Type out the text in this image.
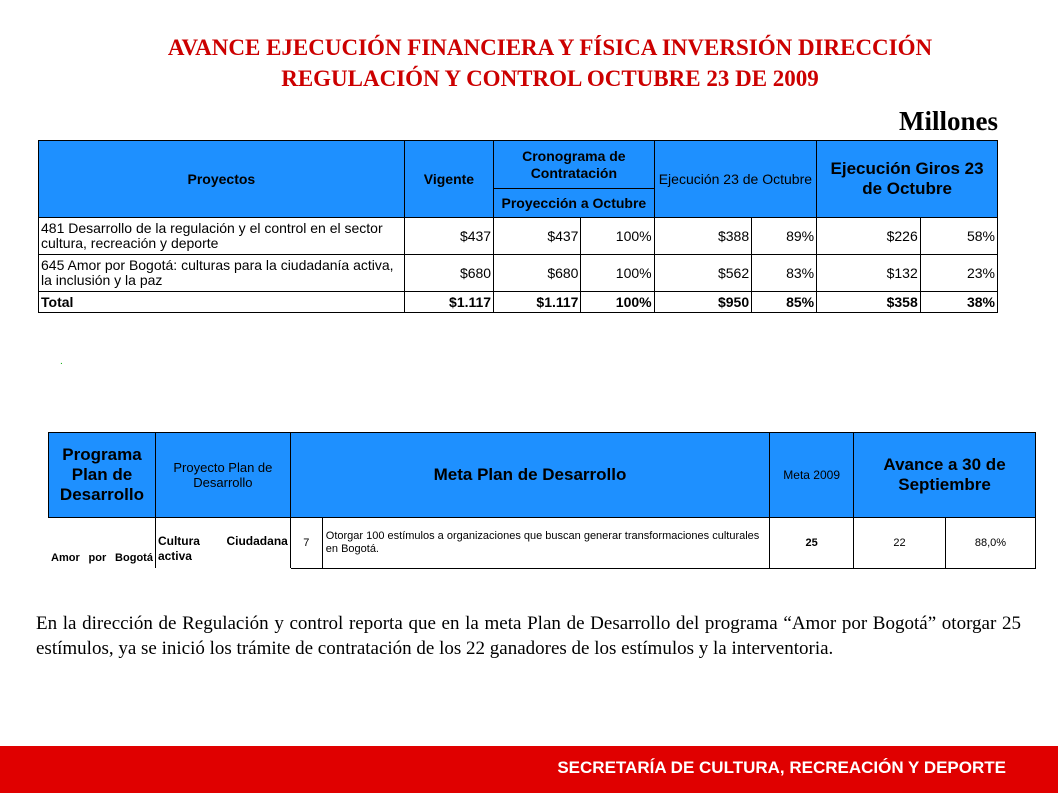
AVANCE EJECUCIÓN FINANCIERA Y FÍSICA INVERSIÓN DIRECCIÓN
REGULACIÓN Y CONTROL OCTUBRE 23 DE 2009
Millones
Proyectos	Vigente	Cronograma de Contratación		Ejecución 23 de Octubre		Ejecución Giros 23 de Octubre	
		Proyección a Octubre					
481 Desarrollo de la regulación y el control en el sector cultura, recreación y deporte	$437	$437	100%	$388	89%	$226	58%
645 Amor por Bogotá: culturas para la ciudadanía activa, la inclusión y la paz	$680	$680	100%	$562	83%	$132	23%
Total	$1.117	$1.117	100%	$950	85%	$358	38%
.
Programa Plan de Desarrollo	Proyecto Plan de Desarrollo	Meta Plan de Desarrollo		Meta 2009	Avance a 30 de Septiembre	
Amor por Bogotá	Cultura Ciudadana activa	7	Otorgar 100 estímulos a organizaciones que buscan generar transformaciones culturales en Bogotá.	25	22	88,0%
En la dirección de Regulación y control reporta que en la meta Plan de Desarrollo del programa “Amor por Bogotá” otorgar 25 estímulos, ya se inició los trámite de contratación de los 22 ganadores de los estímulos y la interventoria.
SECRETARÍA DE CULTURA, RECREACIÓN Y DEPORTE
